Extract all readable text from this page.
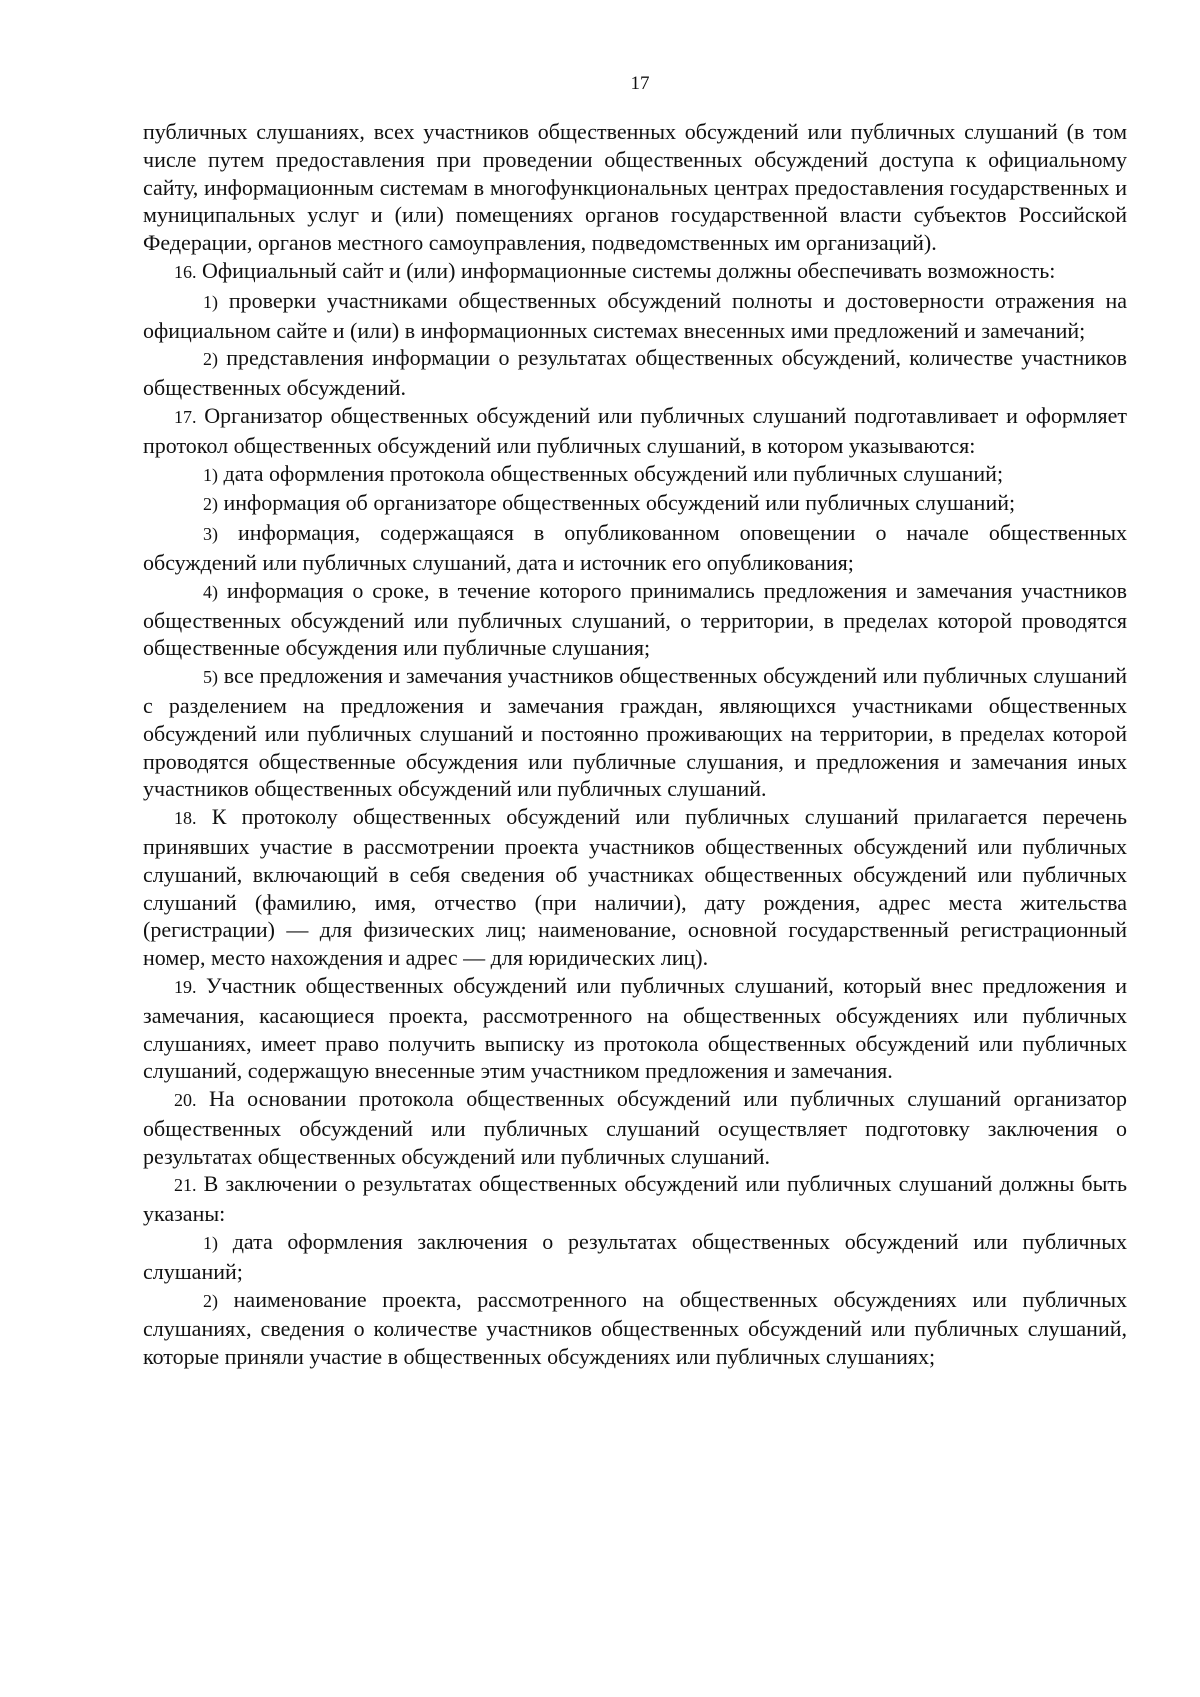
17

публичных слушаниях, всех участников общественных обсуждений или публичных слушаний (в том числе путем предоставления при проведении общественных обсуждений доступа к официальному сайту, информационным системам в многофункциональных центрах предоставления государственных и муниципальных услуг и (или) помещениях органов государственной власти субъектов Российской Федерации, органов местного самоуправления, подведомственных им организаций).

16. Официальный сайт и (или) информационные системы должны обеспечивать возможность:

1) проверки участниками общественных обсуждений полноты и достоверности отражения на официальном сайте и (или) в информационных системах внесенных ими предложений и замечаний;

2) представления информации о результатах общественных обсуждений, количестве участников общественных обсуждений.

17. Организатор общественных обсуждений или публичных слушаний подготавливает и оформляет протокол общественных обсуждений или публичных слушаний, в котором указываются:

1) дата оформления протокола общественных обсуждений или публичных слушаний;

2) информация об организаторе общественных обсуждений или публичных слушаний;

3) информация, содержащаяся в опубликованном оповещении о начале общественных обсуждений или публичных слушаний, дата и источник его опубликования;

4) информация о сроке, в течение которого принимались предложения и замечания участников общественных обсуждений или публичных слушаний, о территории, в пределах которой проводятся общественные обсуждения или публичные слушания;

5) все предложения и замечания участников общественных обсуждений или публичных слушаний с разделением на предложения и замечания граждан, являющихся участниками общественных обсуждений или публичных слушаний и постоянно проживающих на территории, в пределах которой проводятся общественные обсуждения или публичные слушания, и предложения и замечания иных участников общественных обсуждений или публичных слушаний.

18. К протоколу общественных обсуждений или публичных слушаний прилагается перечень принявших участие в рассмотрении проекта участников общественных обсуждений или публичных слушаний, включающий в себя сведения об участниках общественных обсуждений или публичных слушаний (фамилию, имя, отчество (при наличии), дату рождения, адрес места жительства (регистрации) — для физических лиц; наименование, основной государственный регистрационный номер, место нахождения и адрес — для юридических лиц).

19. Участник общественных обсуждений или публичных слушаний, который внес предложения и замечания, касающиеся проекта, рассмотренного на общественных обсуждениях или публичных слушаниях, имеет право получить выписку из протокола общественных обсуждений или публичных слушаний, содержащую внесенные этим участником предложения и замечания.

20. На основании протокола общественных обсуждений или публичных слушаний организатор общественных обсуждений или публичных слушаний осуществляет подготовку заключения о результатах общественных обсуждений или публичных слушаний.

21. В заключении о результатах общественных обсуждений или публичных слушаний должны быть указаны:

1) дата оформления заключения о результатах общественных обсуждений или публичных слушаний;

2) наименование проекта, рассмотренного на общественных обсуждениях или публичных слушаниях, сведения о количестве участников общественных обсуждений или публичных слушаний, которые приняли участие в общественных обсуждениях или публичных слушаниях;
